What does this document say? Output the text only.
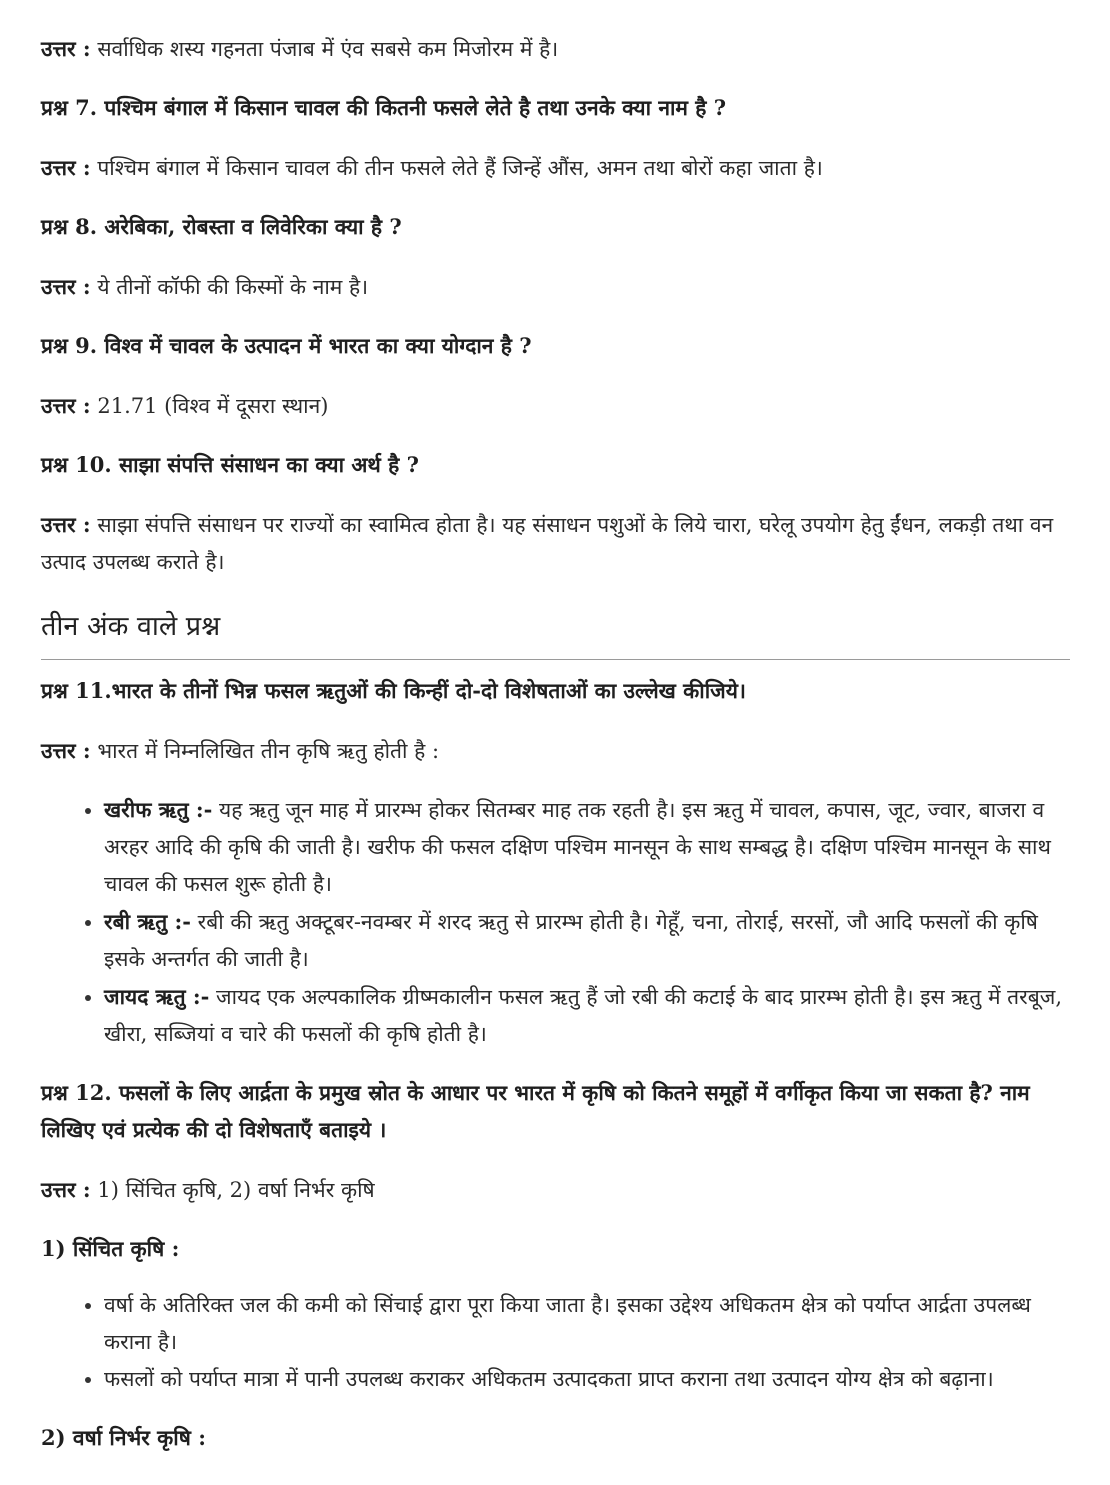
उत्तर : सर्वाधिक शस्य गहनता पंजाब में एंव सबसे कम मिजोरम में है।

प्रश्न 7. पश्चिम बंगाल में किसान चावल की कितनी फसले लेते है तथा उनके क्या नाम है ?

उत्तर : पश्चिम बंगाल में किसान चावल की तीन फसले लेते हैं जिन्हें औंस, अमन तथा बोरों कहा जाता है।

प्रश्न 8. अरेबिका, रोबस्ता व लिवेरिका क्या है ?

उत्तर : ये तीनों कॉफी की किस्मों के नाम है।

प्रश्न 9. विश्व में चावल के उत्पादन में भारत का क्या योग्दान है ?

उत्तर : 21.71 (विश्व में दूसरा स्थान)

प्रश्न 10. साझा संपत्ति संसाधन का क्या अर्थ है ?

उत्तर : साझा संपत्ति संसाधन पर राज्यों का स्वामित्व होता है। यह संसाधन पशुओं के लिये चारा, घरेलू उपयोग हेतु ईंधन, लकड़ी तथा वन उत्पाद उपलब्ध कराते है।

तीन अंक वाले प्रश्न

प्रश्न 11.भारत के तीनों भिन्न फसल ऋतुओं की किन्हीं दो-दो विशेषताओं का उल्लेख कीजिये।

उत्तर : भारत में निम्नलिखित तीन कृषि ऋतु होती है :

• खरीफ ऋतु :- यह ऋतु जून माह में प्रारम्भ होकर सितम्बर माह तक रहती है। इस ऋतु में चावल, कपास, जूट, ज्वार, बाजरा व अरहर आदि की कृषि की जाती है। खरीफ की फसल दक्षिण पश्चिम मानसून के साथ सम्बद्ध है। दक्षिण पश्चिम मानसून के साथ चावल की फसल शुरू होती है।
• रबी ऋतु :- रबी की ऋतु अक्टूबर-नवम्बर में शरद ऋतु से प्रारम्भ होती है। गेहूँ, चना, तोराई, सरसों, जौ आदि फसलों की कृषि इसके अन्तर्गत की जाती है।
• जायद ऋतु :- जायद एक अल्पकालिक ग्रीष्मकालीन फसल ऋतु हैं जो रबी की कटाई के बाद प्रारम्भ होती है। इस ऋतु में तरबूज, खीरा, सब्जियां व चारे की फसलों की कृषि होती है।

प्रश्न 12. फसलों के लिए आर्द्रता के प्रमुख स्रोत के आधार पर भारत में कृषि को कितने समूहों में वर्गीकृत किया जा सकता है? नाम लिखिए एवं प्रत्येक की दो विशेषताएँ बताइये ।

उत्तर : 1) सिंचित कृषि, 2) वर्षा निर्भर कृषि

1) सिंचित कृषि :

• वर्षा के अतिरिक्त जल की कमी को सिंचाई द्वारा पूरा किया जाता है। इसका उद्देश्य अधिकतम क्षेत्र को पर्याप्त आर्द्रता उपलब्ध कराना है।
• फसलों को पर्याप्त मात्रा में पानी उपलब्ध कराकर अधिकतम उत्पादकता प्राप्त कराना तथा उत्पादन योग्य क्षेत्र को बढ़ाना।

2) वर्षा निर्भर कृषि :
